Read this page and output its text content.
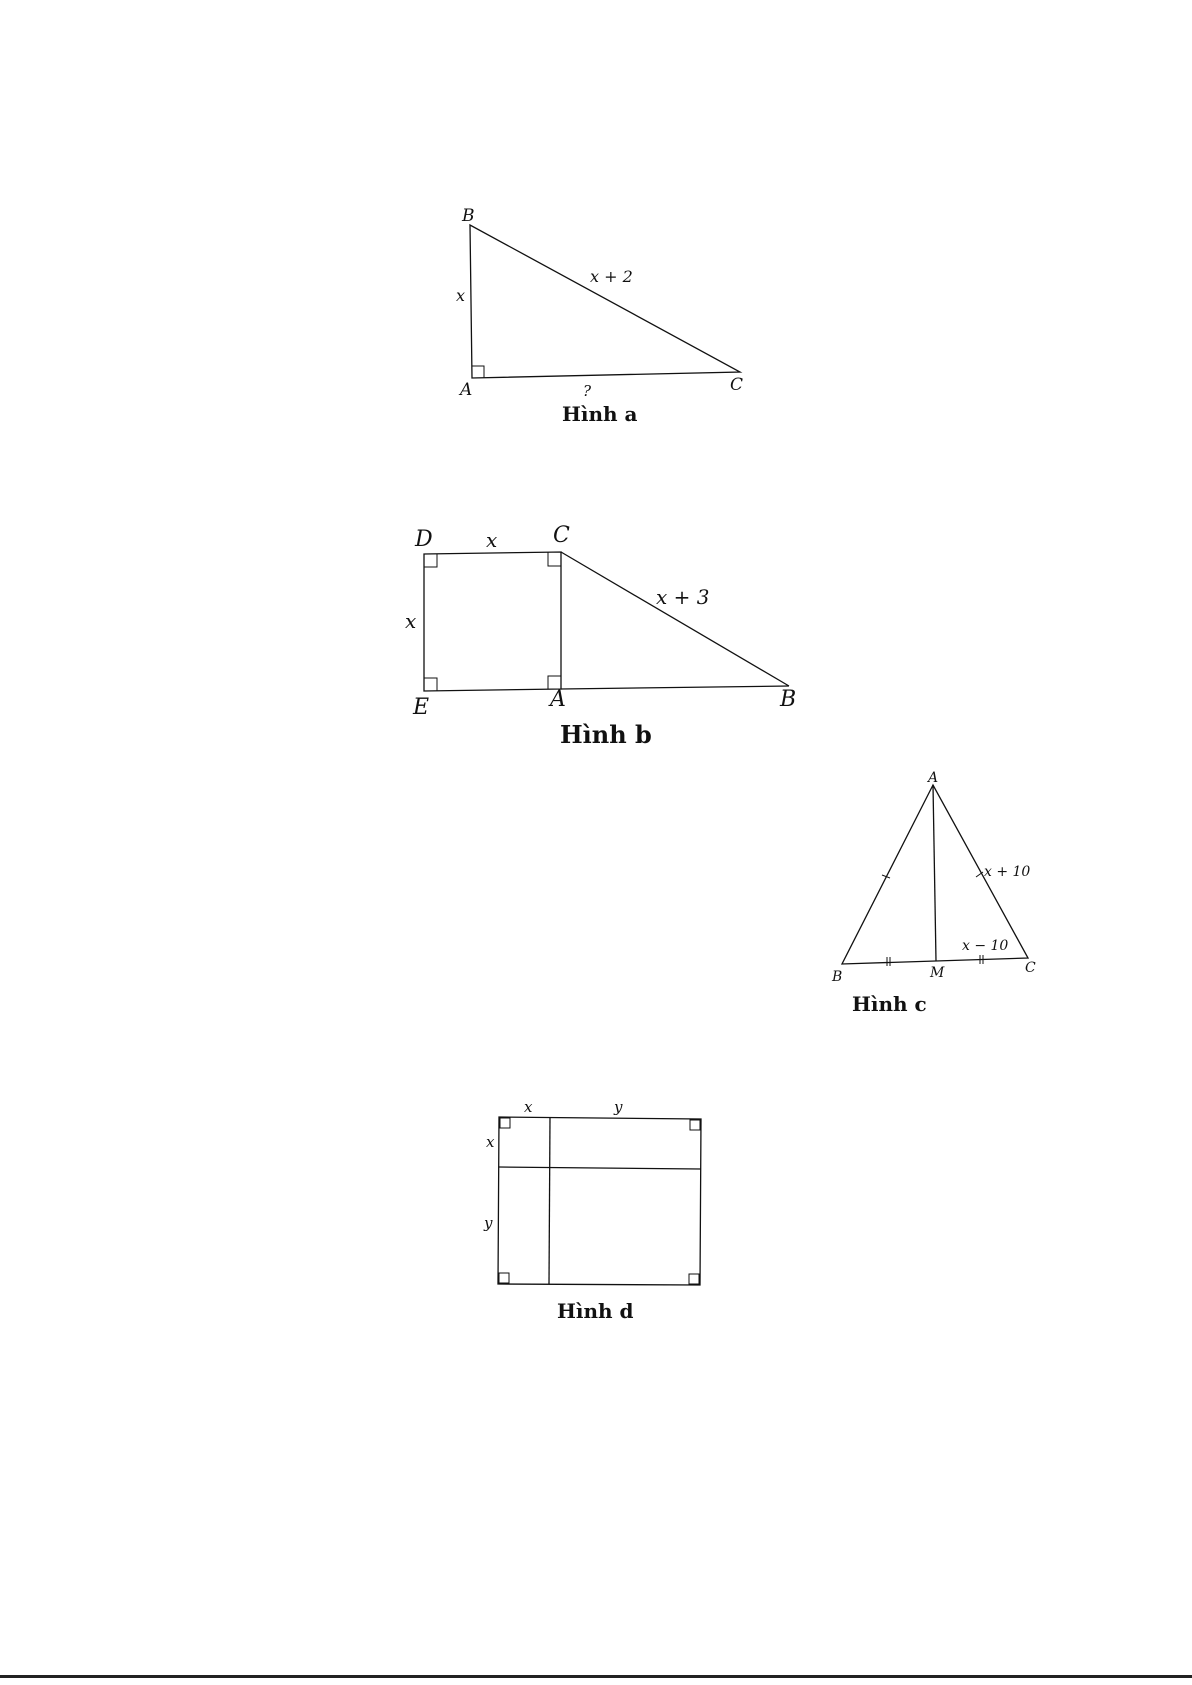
B
A	C
x
x + 2
?
Hình a
D	C
E	A	B
x
x
x + 3
Hình b
A
B	M	C
x + 10
x − 10
Hình c
x	y
x
y
Hình d
